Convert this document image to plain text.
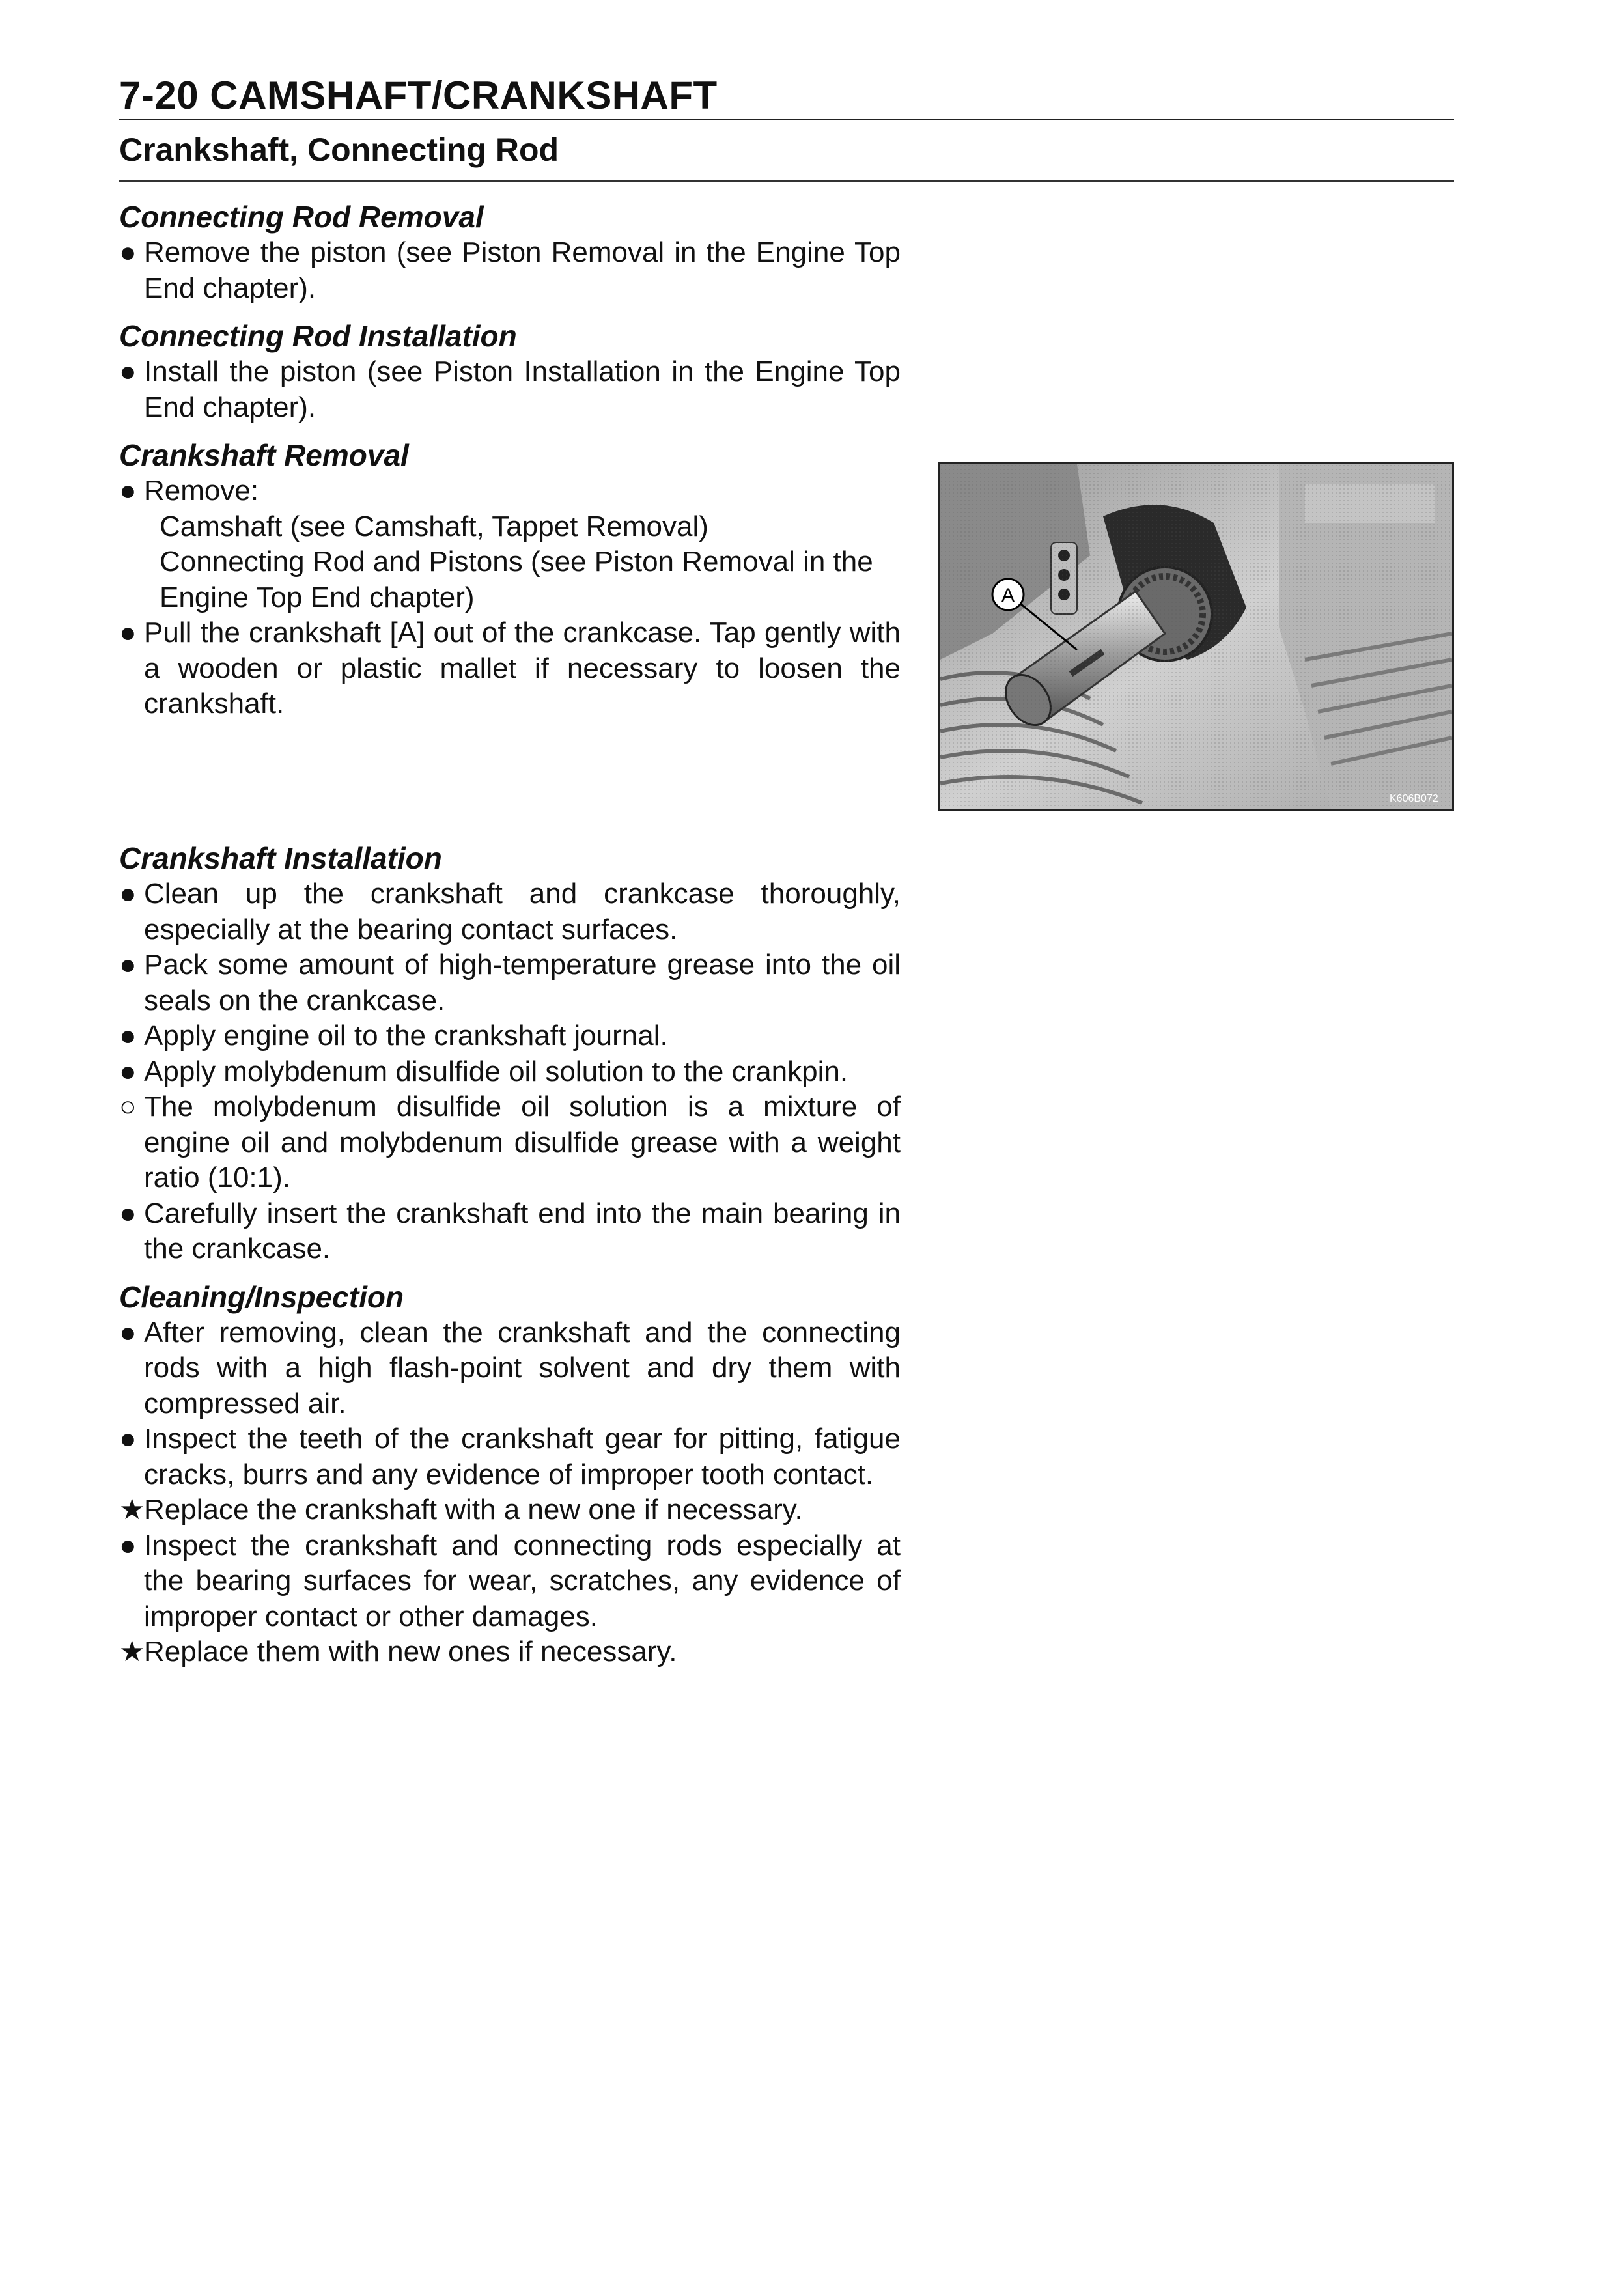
7-20 CAMSHAFT/CRANKSHAFT
Crankshaft, Connecting Rod
Connecting Rod Removal
● Remove the piston (see Piston Removal in the Engine Top End chapter).
Connecting Rod Installation
● Install the piston (see Piston Installation in the Engine Top End chapter).
Crankshaft Removal
● Remove:
Camshaft (see Camshaft, Tappet Removal)
Connecting Rod and Pistons (see Piston Removal in the Engine Top End chapter)
● Pull the crankshaft [A] out of the crankcase. Tap gently with a wooden or plastic mallet if necessary to loosen the crankshaft.
Crankshaft Installation
● Clean up the crankshaft and crankcase thoroughly, especially at the bearing contact surfaces.
● Pack some amount of high-temperature grease into the oil seals on the crankcase.
● Apply engine oil to the crankshaft journal.
● Apply molybdenum disulfide oil solution to the crankpin.
○ The molybdenum disulfide oil solution is a mixture of engine oil and molybdenum disulfide grease with a weight ratio (10:1).
● Carefully insert the crankshaft end into the main bearing in the crankcase.
Cleaning/Inspection
● After removing, clean the crankshaft and the connecting rods with a high flash-point solvent and dry them with compressed air.
● Inspect the teeth of the crankshaft gear for pitting, fatigue cracks, burrs and any evidence of improper tooth contact.
★
Replace the crankshaft with a new one if necessary.
● Inspect the crankshaft and connecting rods especially at the bearing surfaces for wear, scratches, any evidence of improper contact or other damages.
★
Replace them with new ones if necessary.
A
K606B072
